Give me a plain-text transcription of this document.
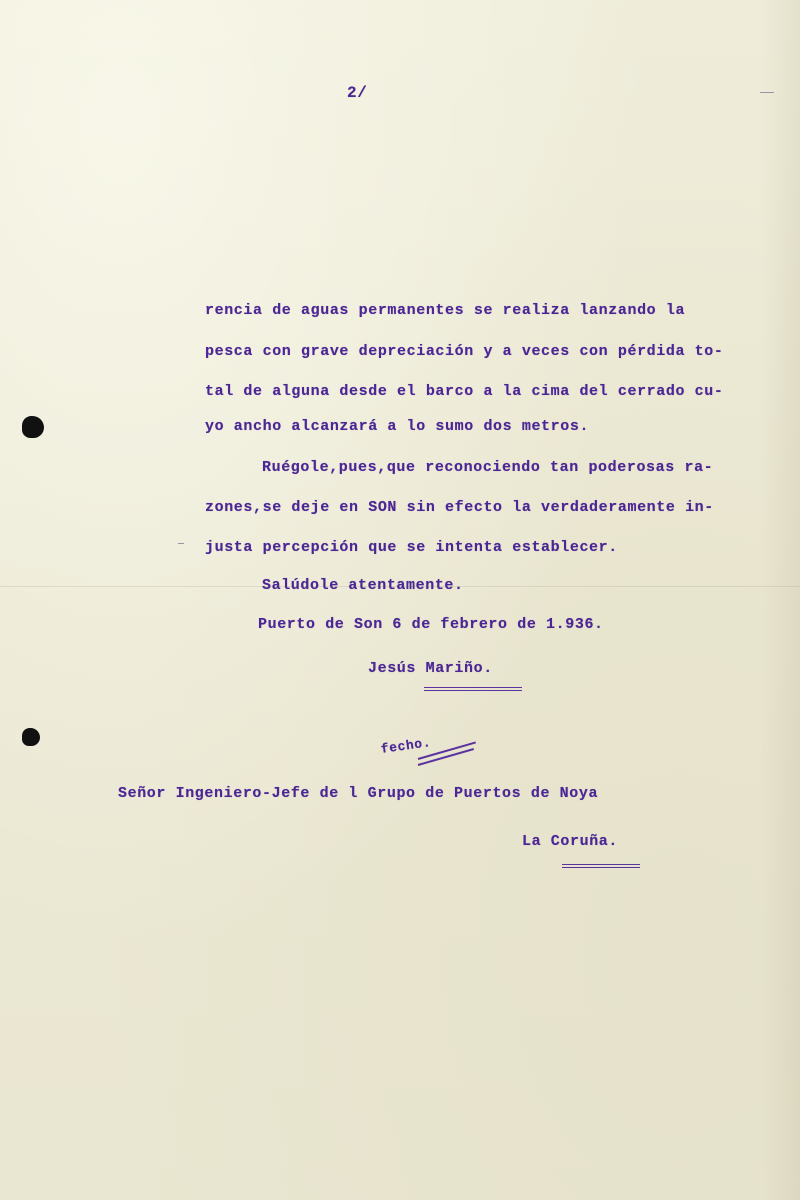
2/
rencia de aguas permanentes se realiza lanzando la
pesca con grave depreciación y a veces con pérdida to-
tal de alguna desde el barco a la cima del cerrado cu-
yo ancho alcanzará a lo sumo dos metros.
Ruégole,pues,que reconociendo tan poderosas ra-
zones,se deje en SON sin efecto la verdaderamente in-
justa percepción que se intenta establecer.
Salúdole atentamente.
Puerto de Son 6 de febrero de 1.936.
Jesús Mariño.
fecho.
Señor Ingeniero-Jefe de l Grupo de Puertos de Noya
La Coruña.
